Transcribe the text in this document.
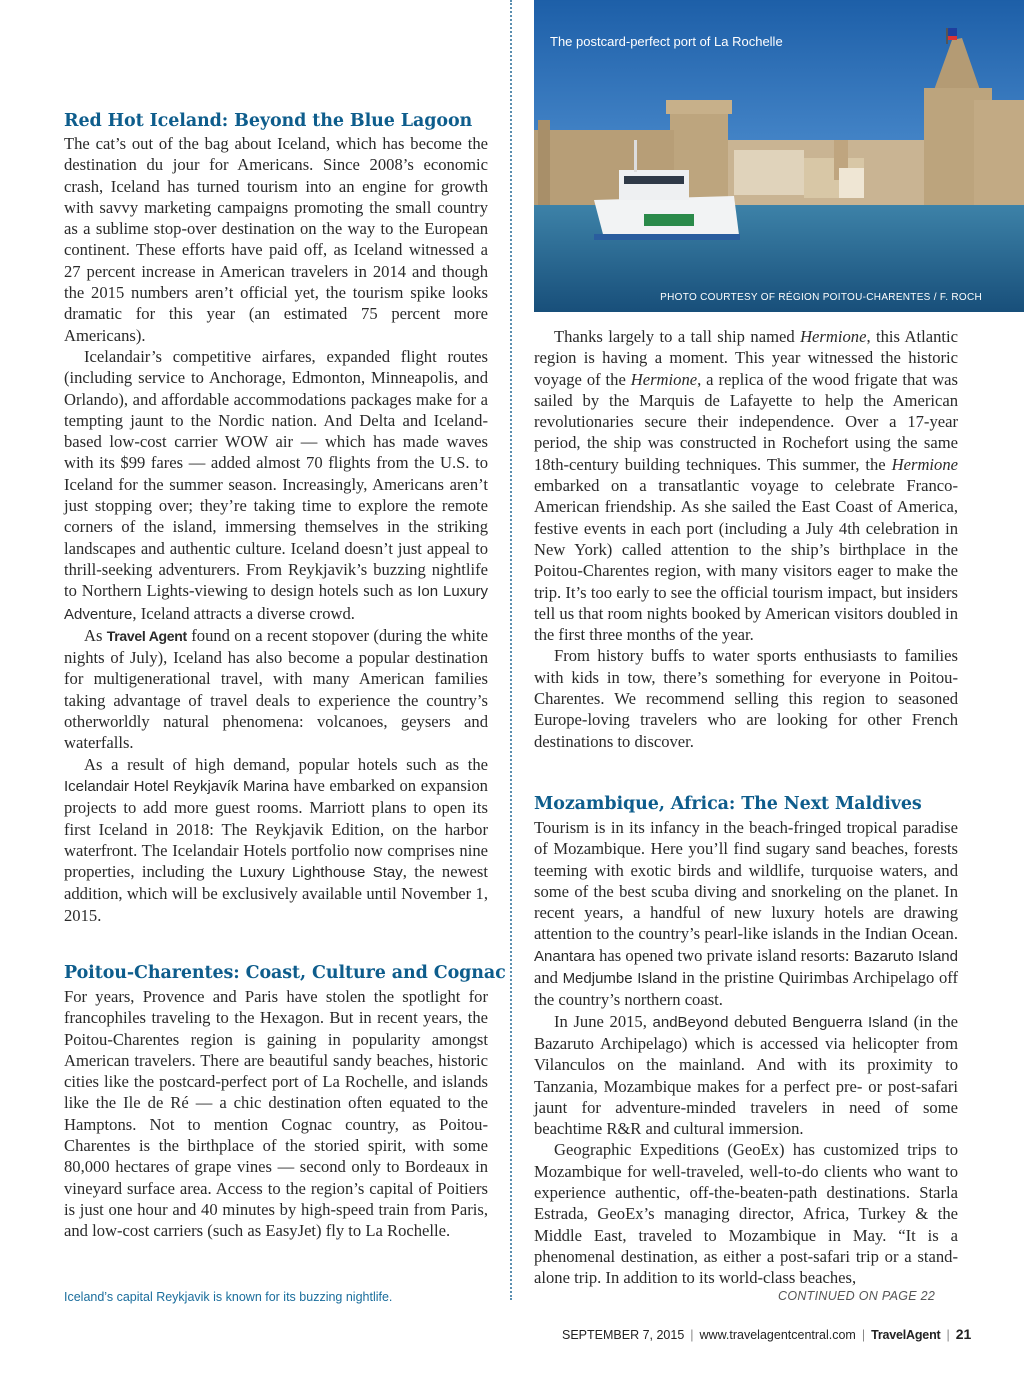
Red Hot Iceland: Beyond the Blue Lagoon

The cat’s out of the bag about Iceland, which has become the destination du jour for Americans. Since 2008’s economic crash, Iceland has turned tourism into an engine for growth with savvy marketing campaigns promoting the small country as a sublime stop-over destination on the way to the European continent. These efforts have paid off, as Iceland witnessed a 27 percent increase in American travelers in 2014 and though the 2015 numbers aren’t official yet, the tourism spike looks dramatic for this year (an estimated 75 percent more Americans).

Icelandair’s competitive airfares, expanded flight routes (including service to Anchorage, Edmonton, Minneapolis, and Orlando), and affordable accommodations packages make for a tempting jaunt to the Nordic nation. And Delta and Iceland-based low-cost carrier WOW air — which has made waves with its $99 fares — added almost 70 flights from the U.S. to Iceland for the summer season. Increasingly, Americans aren’t just stopping over; they’re taking time to explore the remote corners of the island, immersing themselves in the striking landscapes and authentic culture. Iceland doesn’t just appeal to thrill-seeking adventurers. From Reykjavik’s buzzing nightlife to Northern Lights-viewing to design hotels such as Ion Luxury Adventure, Iceland attracts a diverse crowd.

As Travel Agent found on a recent stopover (during the white nights of July), Iceland has also become a popular destination for multigenerational travel, with many American families taking advantage of travel deals to experience the country’s otherworldly natural phenomena: volcanoes, geysers and waterfalls.

As a result of high demand, popular hotels such as the Icelandair Hotel Reykjavík Marina have embarked on expansion projects to add more guest rooms. Marriott plans to open its first Iceland in 2018: The Reykjavik Edition, on the harbor waterfront. The Icelandair Hotels portfolio now comprises nine properties, including the Luxury Lighthouse Stay, the newest addition, which will be exclusively available until November 1, 2015.

Poitou-Charentes: Coast, Culture and Cognac

For years, Provence and Paris have stolen the spotlight for francophiles traveling to the Hexagon. But in recent years, the Poitou-Charentes region is gaining in popularity amongst American travelers. There are beautiful sandy beaches, historic cities like the postcard-perfect port of La Rochelle, and islands like the Ile de Ré — a chic destination often equated to the Hamptons. Not to mention Cognac country, as Poitou-Charentes is the birthplace of the storied spirit, with some 80,000 hectares of grape vines — second only to Bordeaux in vineyard surface area. Access to the region’s capital of Poitiers is just one hour and 40 minutes by high-speed train from Paris, and low-cost carriers (such as EasyJet) fly to La Rochelle.

Iceland’s capital Reykjavik is known for its buzzing nightlife.
The postcard-perfect port of La Rochelle
PHOTO COURTESY OF RÉGION POITOU-CHARENTES / F. ROCH

Thanks largely to a tall ship named Hermione, this Atlantic region is having a moment. This year witnessed the historic voyage of the Hermione, a replica of the wood frigate that was sailed by the Marquis de Lafayette to help the American revolutionaries secure their independence. Over a 17-year period, the ship was constructed in Rochefort using the same 18th-century building techniques. This summer, the Hermione embarked on a transatlantic voyage to celebrate Franco-American friendship. As she sailed the East Coast of America, festive events in each port (including a July 4th celebration in New York) called attention to the ship’s birthplace in the Poitou-Charentes region, with many visitors eager to make the trip. It’s too early to see the official tourism impact, but insiders tell us that room nights booked by American visitors doubled in the first three months of the year.

From history buffs to water sports enthusiasts to families with kids in tow, there’s something for everyone in Poitou-Charentes. We recommend selling this region to seasoned Europe-loving travelers who are looking for other French destinations to discover.

Mozambique, Africa: The Next Maldives

Tourism is in its infancy in the beach-fringed tropical paradise of Mozambique. Here you’ll find sugary sand beaches, forests teeming with exotic birds and wildlife, turquoise waters, and some of the best scuba diving and snorkeling on the planet. In recent years, a handful of new luxury hotels are drawing attention to the country’s pearl-like islands in the Indian Ocean. Anantara has opened two private island resorts: Bazaruto Island and Medjumbe Island in the pristine Quirimbas Archipelago off the country’s northern coast.

In June 2015, andBeyond debuted Benguerra Island (in the Bazaruto Archipelago) which is accessed via helicopter from Vilanculos on the mainland. And with its proximity to Tanzania, Mozambique makes for a perfect pre- or post-safari jaunt for adventure-minded travelers in need of some beachtime R&R and cultural immersion.

Geographic Expeditions (GeoEx) has customized trips to Mozambique for well-traveled, well-to-do clients who want to experience authentic, off-the-beaten-path destinations. Starla Estrada, GeoEx’s managing director, Africa, Turkey & the Middle East, traveled to Mozambique in May. “It is a phenomenal destination, as either a post-safari trip or a stand-alone trip. In addition to its world-class beaches,

CONTINUED ON PAGE 22
SEPTEMBER 7, 2015 | www.travelagentcentral.com | TravelAgent | 21
